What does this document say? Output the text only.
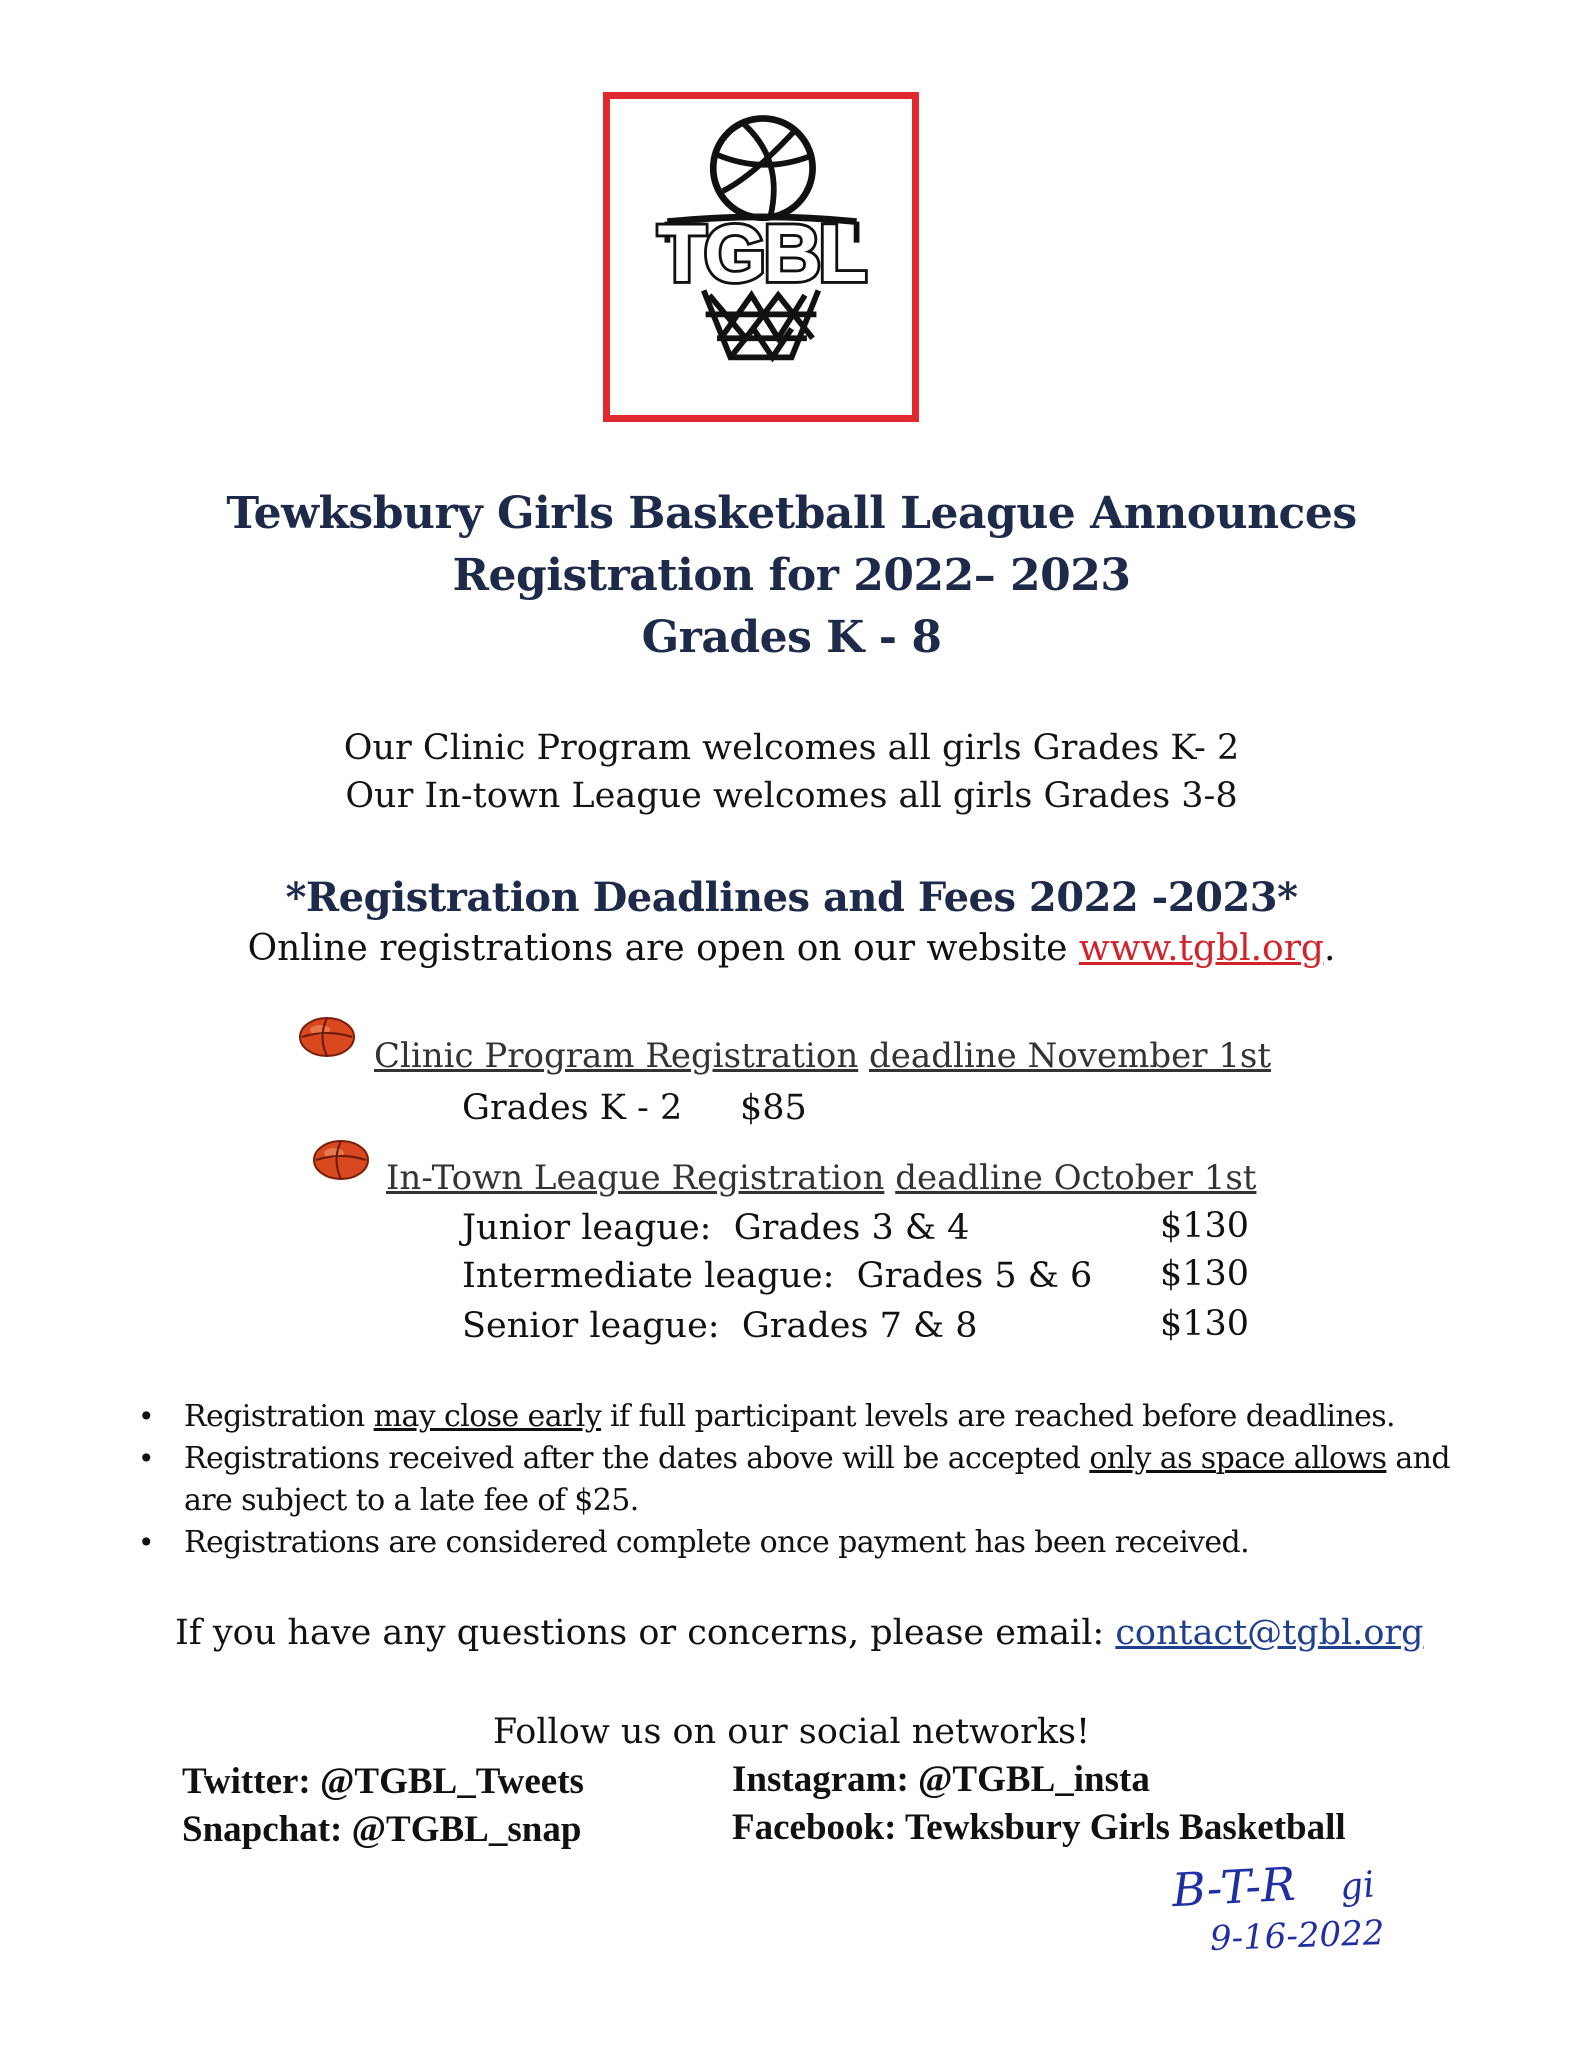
TGBL
Tewksbury Girls Basketball League Announces
Registration for 2022– 2023
Grades K - 8
Our Clinic Program welcomes all girls Grades K- 2
Our In-town League welcomes all girls Grades 3-8
*Registration Deadlines and Fees 2022 -2023*
Online registrations are open on our website www.tgbl.org.
Clinic Program Registration deadline November 1st
Grades K - 2 $85
In-Town League Registration deadline October 1st
Junior league:  Grades 3 & 4	$130
Intermediate league:  Grades 5 & 6 $130
Senior league:  Grades 7 & 8	$130
• Registration may close early if full participant levels are reached before deadlines.
• Registrations received after the dates above will be accepted only as space allows and are subject to a late fee of $25.
• Registrations are considered complete once payment has been received.
If you have any questions or concerns, please email: contact@tgbl.org
Follow us on our social networks!
Twitter: @TGBL_Tweets	Instagram: @TGBL_insta
Snapchat: @TGBL_snap	Facebook: Tewksbury Girls Basketball
B-T-R gi
9-16-2022
